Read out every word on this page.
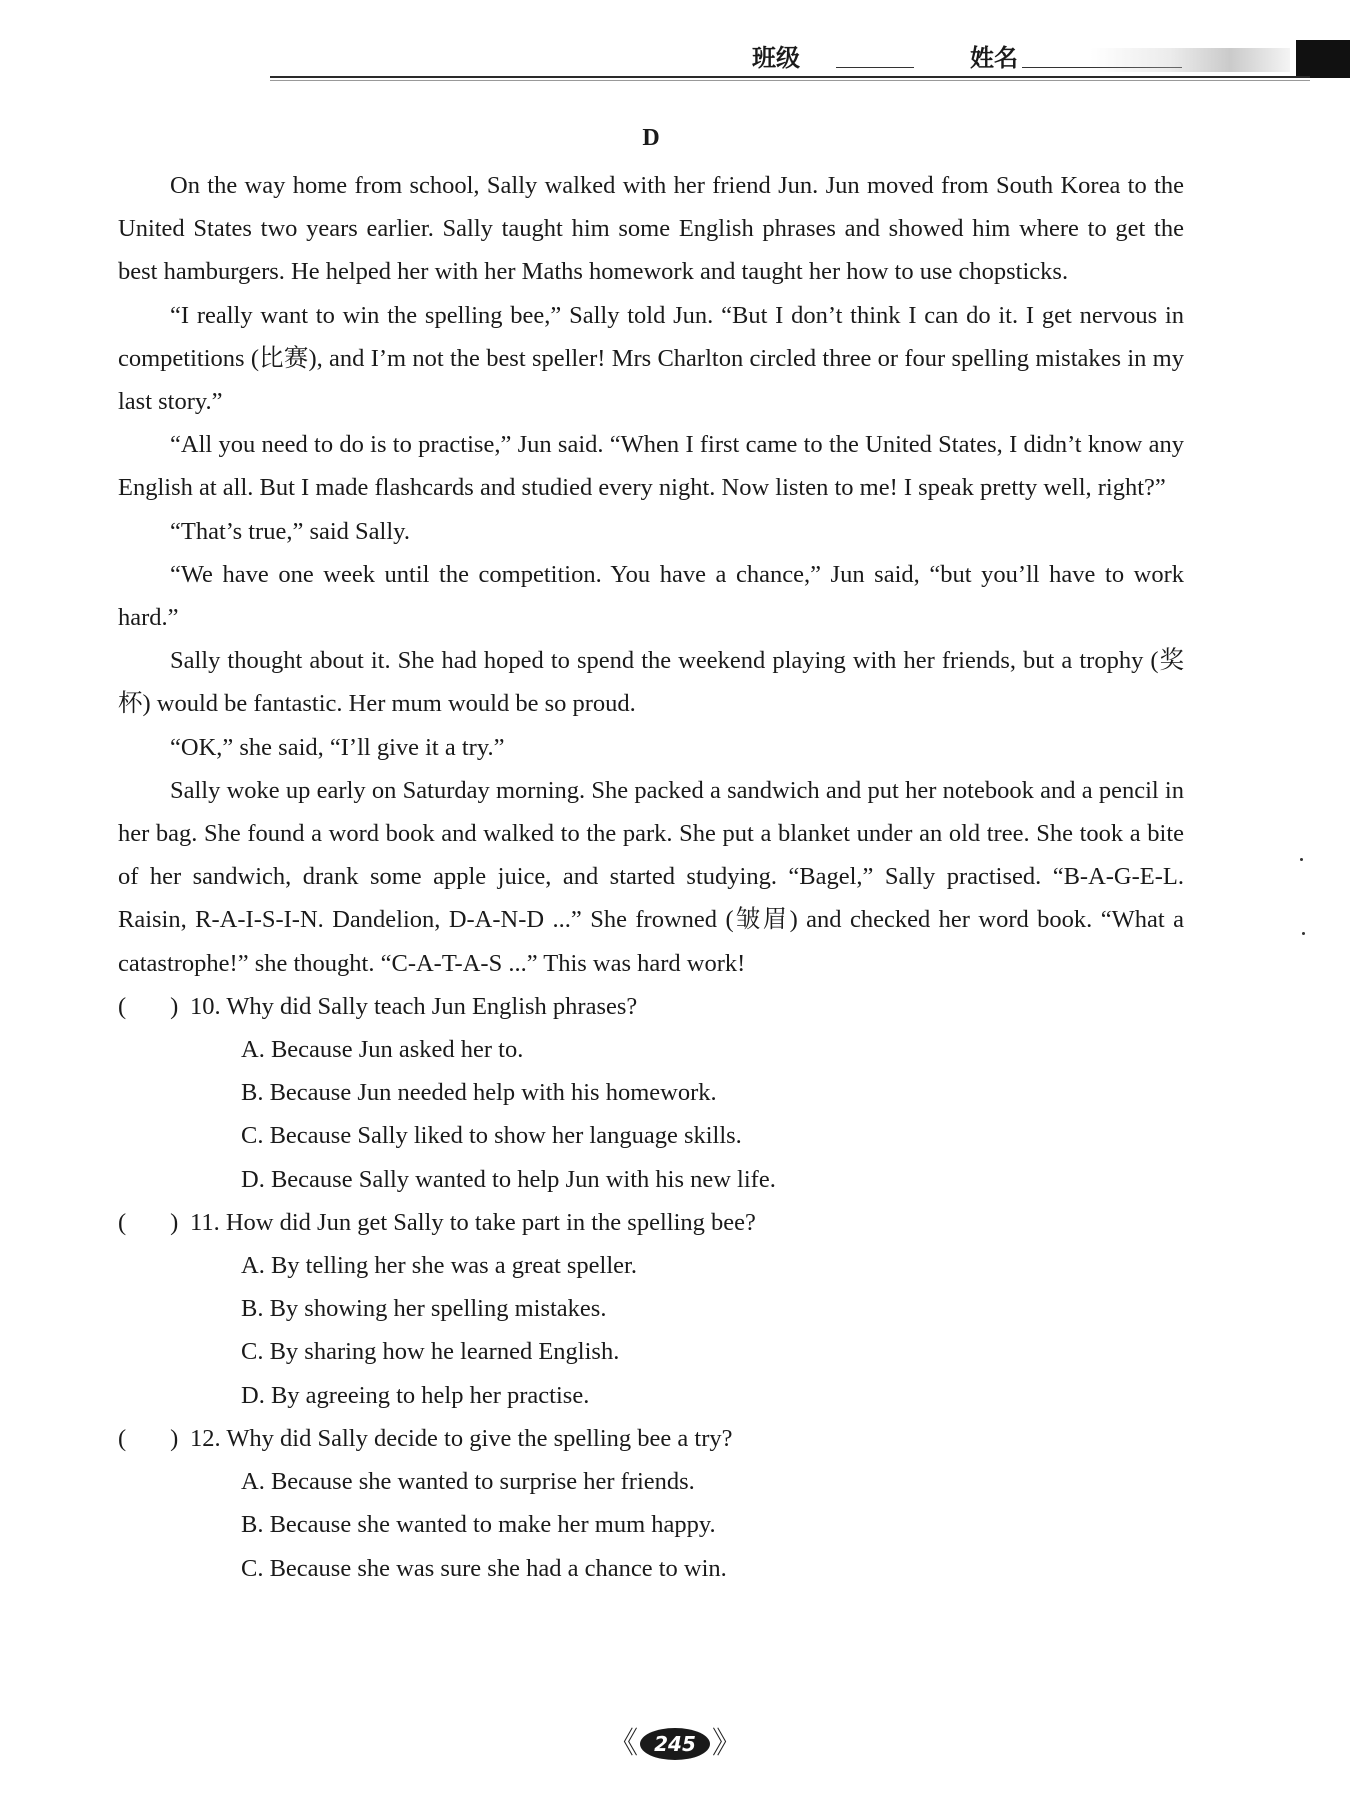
班级	姓名
D

On the way home from school, Sally walked with her friend Jun. Jun moved from South Korea to the United States two years earlier. Sally taught him some English phrases and showed him where to get the best hamburgers. He helped her with her Maths homework and taught her how to use chopsticks.

“I really want to win the spelling bee,” Sally told Jun. “But I don’t think I can do it. I get nervous in competitions (比赛), and I’m not the best speller! Mrs Charlton circled three or four spelling mistakes in my last story.”

“All you need to do is to practise,” Jun said. “When I first came to the United States, I didn’t know any English at all. But I made flashcards and studied every night. Now listen to me! I speak pretty well, right?”

“That’s true,” said Sally.

“We have one week until the competition. You have a chance,” Jun said, “but you’ll have to work hard.”

Sally thought about it. She had hoped to spend the weekend playing with her friends, but a trophy (奖杯) would be fantastic. Her mum would be so proud.

“OK,” she said, “I’ll give it a try.”

Sally woke up early on Saturday morning. She packed a sandwich and put her notebook and a pencil in her bag. She found a word book and walked to the park. She put a blanket under an old tree. She took a bite of her sandwich, drank some apple juice, and started studying. “Bagel,” Sally practised. “B-A-G-E-L. Raisin, R-A-I-S-I-N. Dandelion, D-A-N-D ...” She frowned (皱眉) and checked her word book. “What a catastrophe!” she thought. “C-A-T-A-S ...” This was hard work!

( ) 10. Why did Sally teach Jun English phrases?
A. Because Jun asked her to.
B. Because Jun needed help with his homework.
C. Because Sally liked to show her language skills.
D. Because Sally wanted to help Jun with his new life.
( ) 11. How did Jun get Sally to take part in the spelling bee?
A. By telling her she was a great speller.
B. By showing her spelling mistakes.
C. By sharing how he learned English.
D. By agreeing to help her practise.
( ) 12. Why did Sally decide to give the spelling bee a try?
A. Because she wanted to surprise her friends.
B. Because she wanted to make her mum happy.
C. Because she was sure she had a chance to win.
《 245 》
